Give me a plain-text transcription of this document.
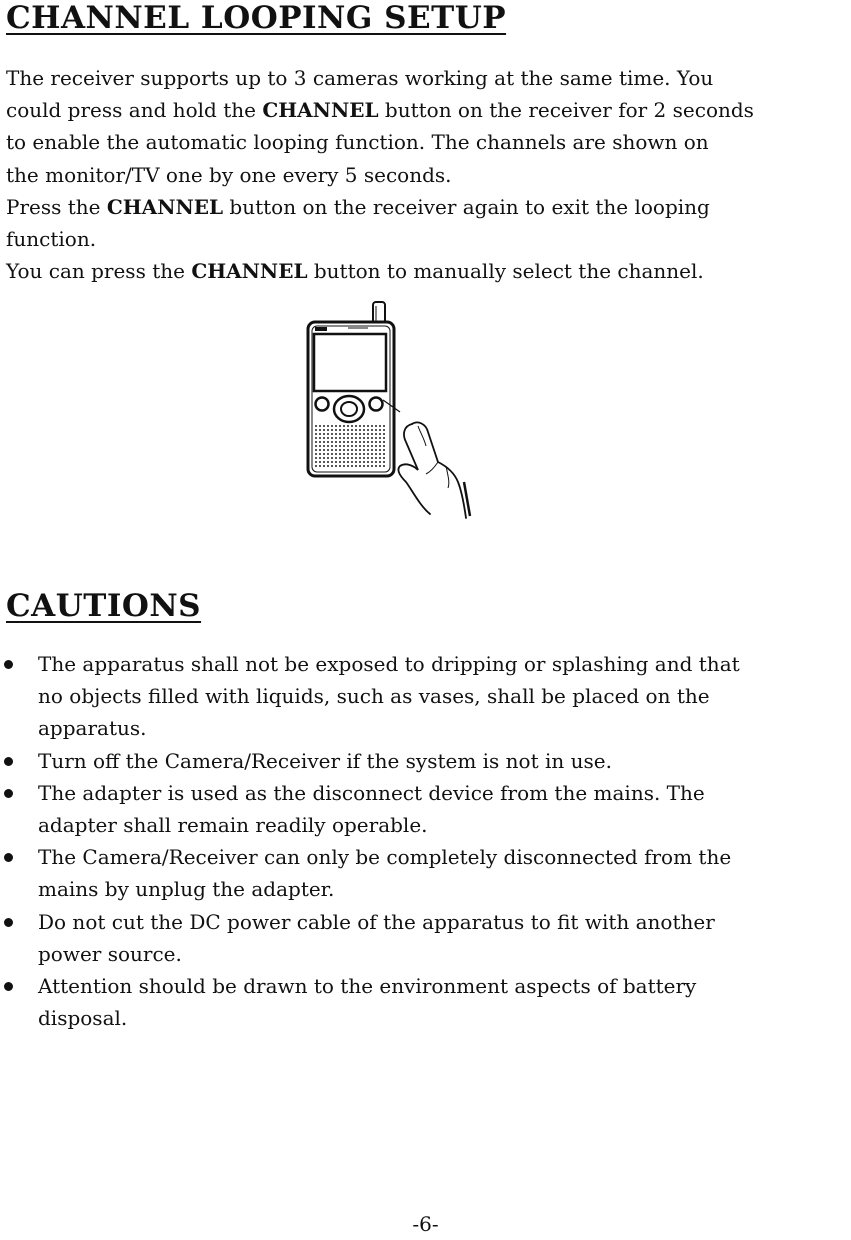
CHANNEL LOOPING SETUP

The receiver supports up to 3 cameras working at the same time. You

could press and hold the CHANNEL button on the receiver for 2 seconds

to enable the automatic looping function. The channels are shown on

the monitor/TV one by one every 5 seconds.

Press the CHANNEL button on the receiver again to exit the looping

function.

You can press the CHANNEL button to manually select the channel.

CAUTIONS
The apparatus shall not be exposed to dripping or splashing and that
no objects filled with liquids, such as vases, shall be placed on the
apparatus.
Turn off the Camera/Receiver if the system is not in use.
The adapter is used as the disconnect device from the mains. The
adapter shall remain readily operable.
The Camera/Receiver can only be completely disconnected from the
mains by unplug the adapter.
Do not cut the DC power cable of the apparatus to fit with another
power source.
Attention should be drawn to the environment aspects of battery
disposal.
-6-
